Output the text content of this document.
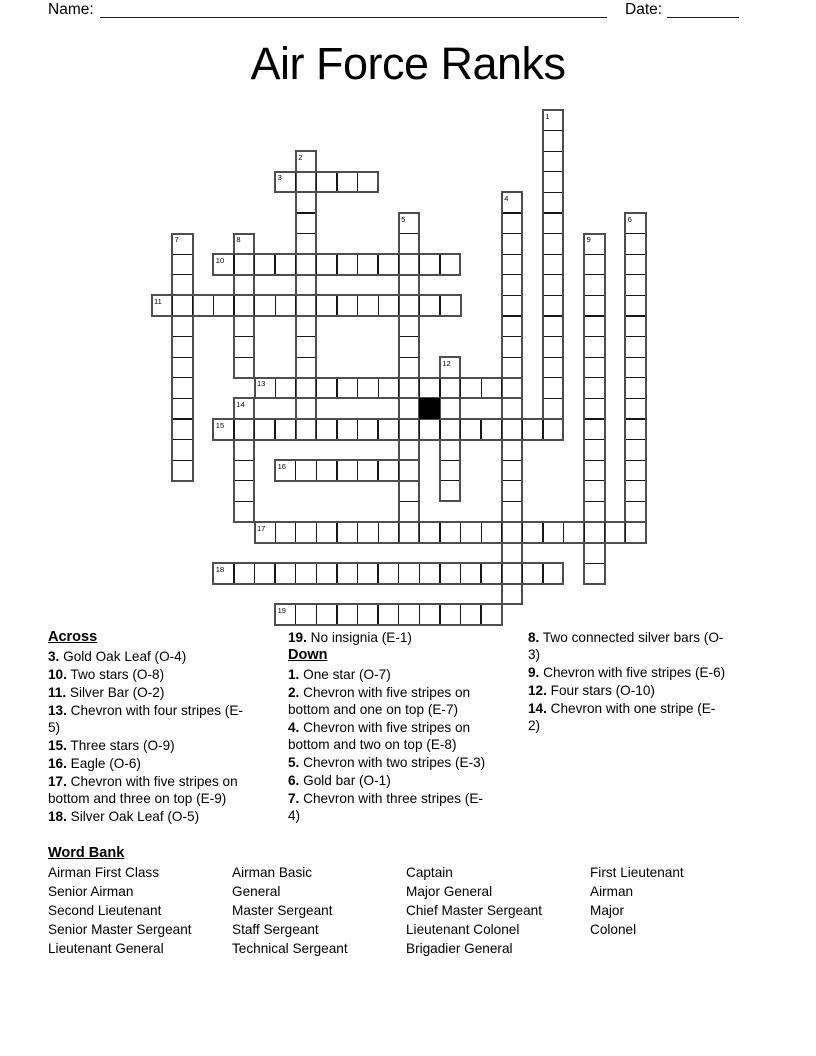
Name:	Date:
Air Force Ranks
1
2
3
4
5	6
7	8	9
10
11
12
13
14
15
16
17
18
19
Across
3. Gold Oak Leaf (O-4)
10. Two stars (O-8)
11. Silver Bar (O-2)
13. Chevron with four stripes (E-5)
15. Three stars (O-9)
16. Eagle (O-6)
17. Chevron with five stripes on bottom and three on top (E-9)
18. Silver Oak Leaf (O-5)
19. No insignia (E-1)
Down
1. One star (O-7)
2. Chevron with five stripes on bottom and one on top (E-7)
4. Chevron with five stripes on bottom and two on top (E-8)
5. Chevron with two stripes (E-3)
6. Gold bar (O-1)
7. Chevron with three stripes (E-4)
8. Two connected silver bars (O-3)
9. Chevron with five stripes (E-6)
12. Four stars (O-10)
14. Chevron with one stripe (E-2)
Word Bank
Airman First Class
Senior Airman
Second Lieutenant
Senior Master Sergeant
Lieutenant General
Airman Basic
General
Master Sergeant
Staff Sergeant
Technical Sergeant
Captain
Major General
Chief Master Sergeant
Lieutenant Colonel
Brigadier General
First Lieutenant
Airman
Major
Colonel
